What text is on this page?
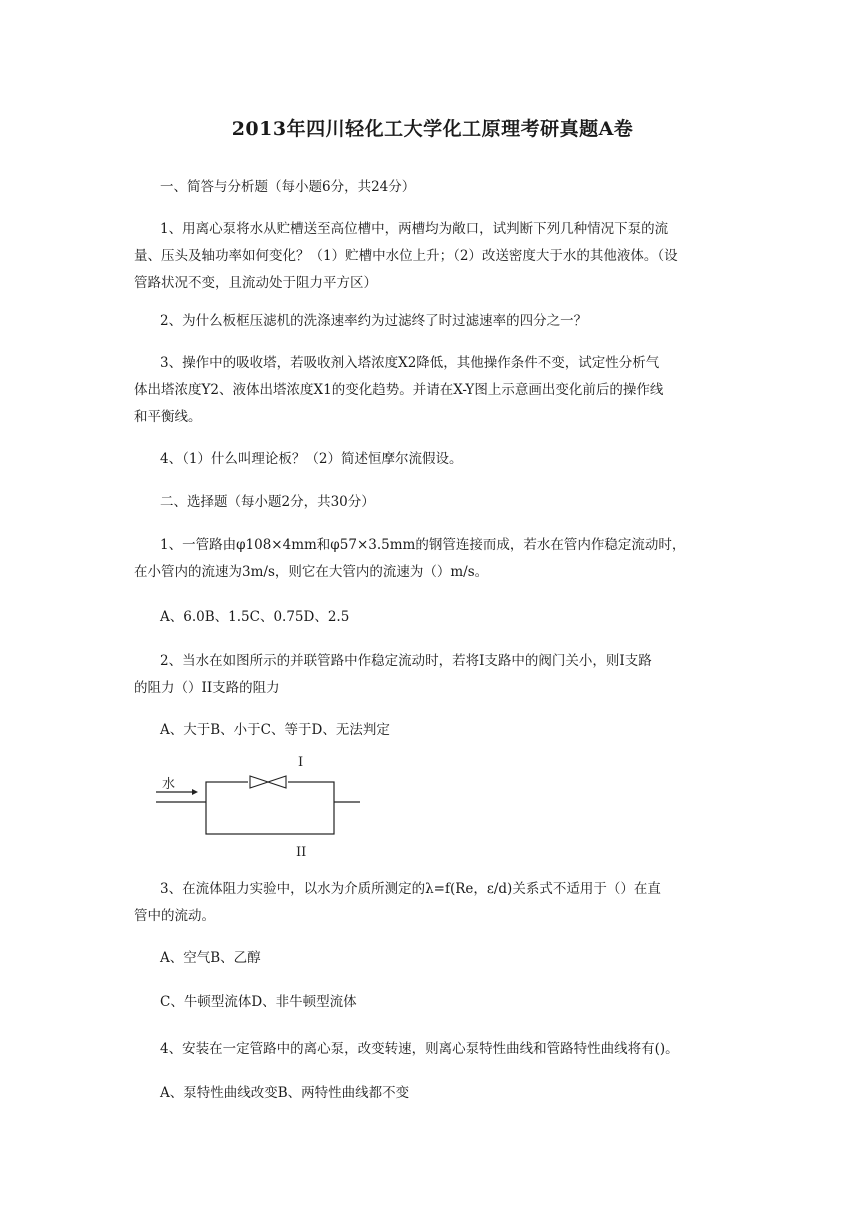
2013年四川轻化工大学化工原理考研真题A卷
一、简答与分析题（每小题6分，共24分）
1、用离心泵将水从贮槽送至高位槽中，两槽均为敞口，试判断下列几种情况下泵的流
量、压头及轴功率如何变化？（1）贮槽中水位上升；（2）改送密度大于水的其他液体。（设
管路状况不变，且流动处于阻力平方区）
2、为什么板框压滤机的洗涤速率约为过滤终了时过滤速率的四分之一？
3、操作中的吸收塔，若吸收剂入塔浓度X2降低，其他操作条件不变，试定性分析气
体出塔浓度Y2、液体出塔浓度X1的变化趋势。并请在X-Y图上示意画出变化前后的操作线
和平衡线。
4、（1）什么叫理论板？（2）简述恒摩尔流假设。
二、选择题（每小题2分，共30分）
1、一管路由φ108×4mm和φ57×3.5mm的钢管连接而成，若水在管内作稳定流动时，
在小管内的流速为3m/s，则它在大管内的流速为（）m/s。
A、6.0B、1.5C、0.75D、2.5
2、当水在如图所示的并联管路中作稳定流动时，若将I支路中的阀门关小，则I支路
的阻力（）II支路的阻力
A、大于B、小于C、等于D、无法判定
水
I
II
3、在流体阻力实验中，以水为介质所测定的λ=f(Re，ε/d)关系式不适用于（）在直
管中的流动。
A、空气B、乙醇
C、牛顿型流体D、非牛顿型流体
4、安装在一定管路中的离心泵，改变转速，则离心泵特性曲线和管路特性曲线将有()。
A、泵特性曲线改变B、两特性曲线都不变
